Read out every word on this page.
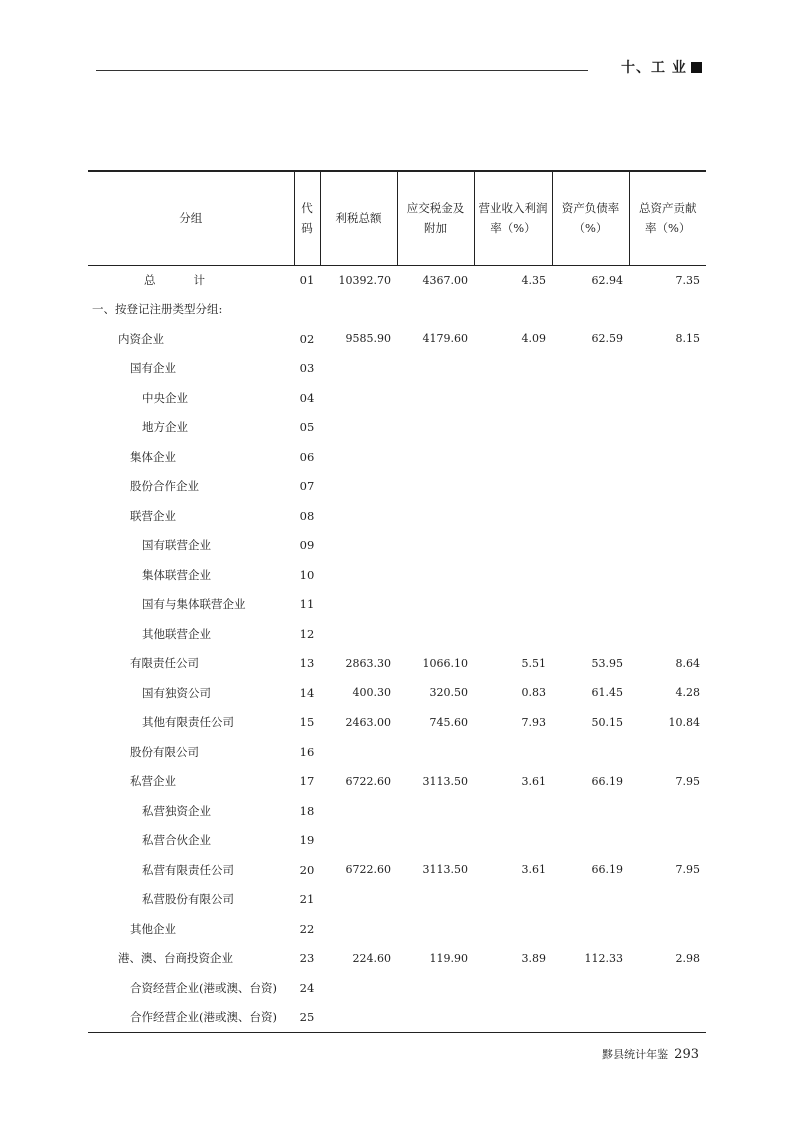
十、工 业
分组	代码	利税总额	应交税金及附加	营业收入利润率（%）	资产负债率（%）	总资产贡献率（%）
总计	01	10392.70	4367.00	4.35	62.94	7.35
一、按登记注册类型分组:						
内资企业	02	9585.90	4179.60	4.09	62.59	8.15
国有企业	03					
中央企业	04					
地方企业	05					
集体企业	06					
股份合作企业	07					
联营企业	08					
国有联营企业	09					
集体联营企业	10					
国有与集体联营企业	11					
其他联营企业	12					
有限责任公司	13	2863.30	1066.10	5.51	53.95	8.64
国有独资公司	14	400.30	320.50	0.83	61.45	4.28
其他有限责任公司	15	2463.00	745.60	7.93	50.15	10.84
股份有限公司	16					
私营企业	17	6722.60	3113.50	3.61	66.19	7.95
私营独资企业	18					
私营合伙企业	19					
私营有限责任公司	20	6722.60	3113.50	3.61	66.19	7.95
私营股份有限公司	21					
其他企业	22					
港、澳、台商投资企业	23	224.60	119.90	3.89	112.33	2.98
合资经营企业(港或澳、台资)	24					
合作经营企业(港或澳、台资)	25					
黟县统计年鉴 293
